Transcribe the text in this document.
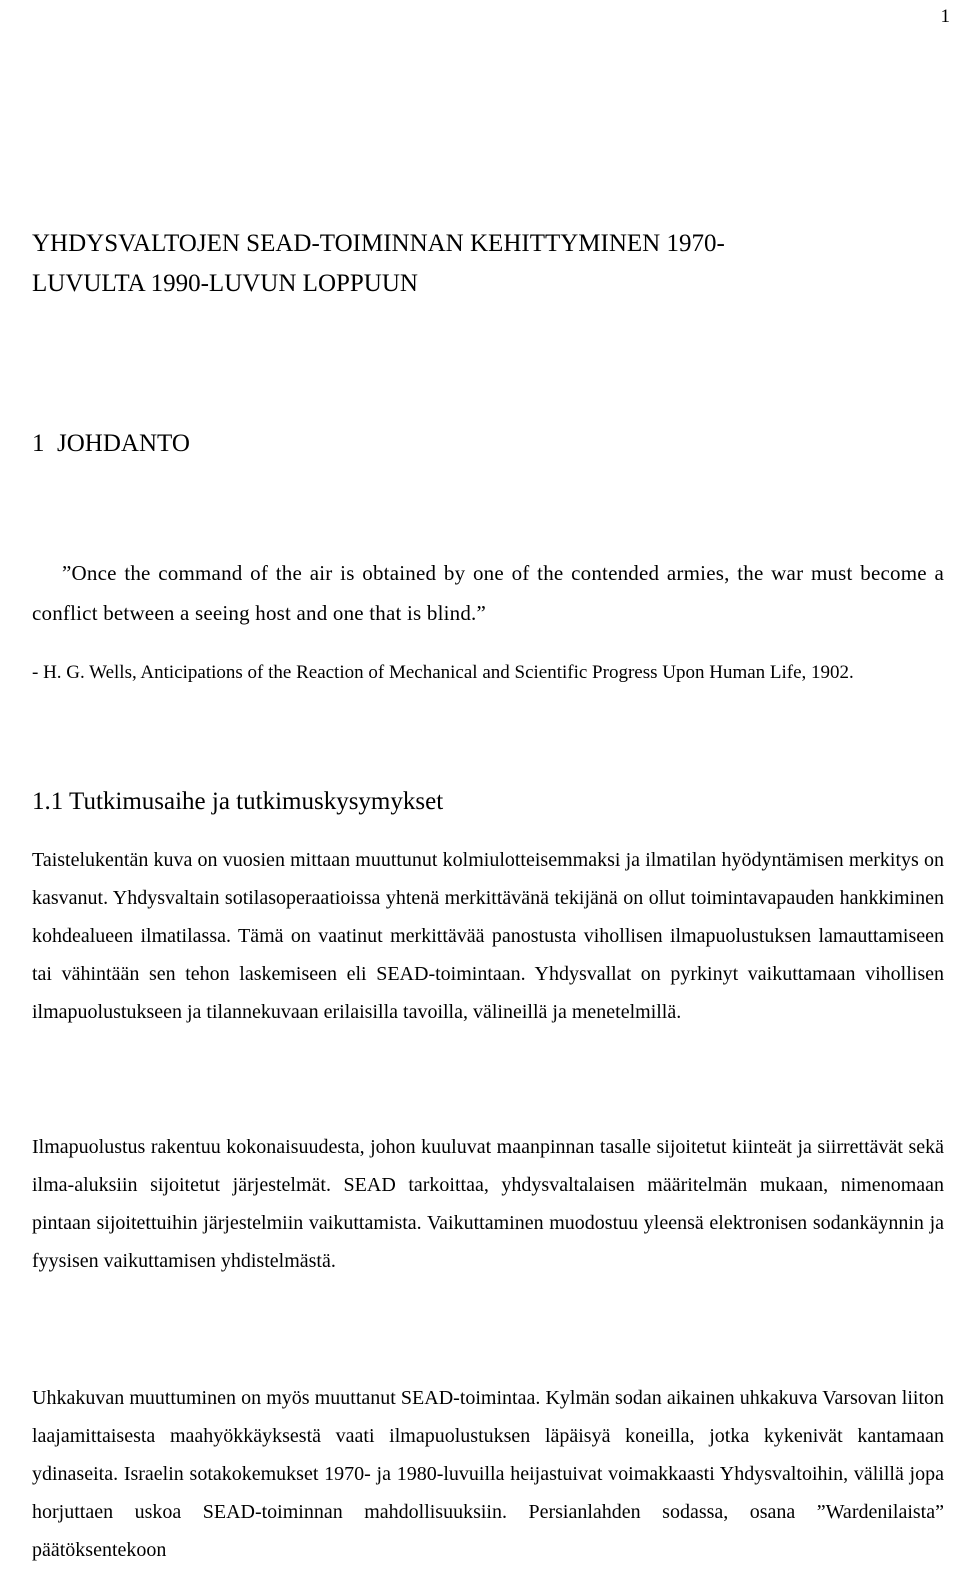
1
YHDYSVALTOJEN SEAD-TOIMINNAN KEHITTYMINEN 1970-
LUVULTA 1990-LUVUN LOPPUUN
1  JOHDANTO

”Once the command of the air is obtained by one of the contended armies, the war must become a conflict between a seeing host and one that is blind.”

- H. G. Wells, Anticipations of the Reaction of Mechanical and Scientific Progress Upon Human Life, 1902.

1.1 Tutkimusaihe ja tutkimuskysymykset

Taistelukentän kuva on vuosien mittaan muuttunut kolmiulotteisemmaksi ja ilmatilan hyödyntämisen merkitys on kasvanut. Yhdysvaltain sotilasoperaatioissa yhtenä merkittävänä tekijänä on ollut toimintavapauden hankkiminen kohdealueen ilmatilassa. Tämä on vaatinut merkittävää panostusta vihollisen ilmapuolustuksen lamauttamiseen tai vähintään sen tehon laskemiseen eli SEAD-toimintaan. Yhdysvallat on pyrkinyt vaikuttamaan vihollisen ilmapuolustukseen ja tilannekuvaan erilaisilla tavoilla, välineillä ja menetelmillä.

Ilmapuolustus rakentuu kokonaisuudesta, johon kuuluvat maanpinnan tasalle sijoitetut kiinteät ja siirrettävät sekä ilma-aluksiin sijoitetut järjestelmät. SEAD tarkoittaa, yhdysvaltalaisen määritelmän mukaan, nimenomaan pintaan sijoitettuihin järjestelmiin vaikuttamista. Vaikuttaminen muodostuu yleensä elektronisen sodankäynnin ja fyysisen vaikuttamisen yhdistelmästä.

Uhkakuvan muuttuminen on myös muuttanut SEAD-toimintaa. Kylmän sodan aikainen uhkakuva Varsovan liiton laajamittaisesta maahyökkäyksestä vaati ilmapuolustuksen läpäisyä koneilla, jotka kykenivät kantamaan ydinaseita. Israelin sotakokemukset 1970- ja 1980-luvuilla heijastuivat voimakkaasti Yhdysvaltoihin, välillä jopa horjuttaen uskoa SEAD-toiminnan mahdollisuuksiin. Persianlahden sodassa, osana ”Wardenilaista” päätöksentekoon
